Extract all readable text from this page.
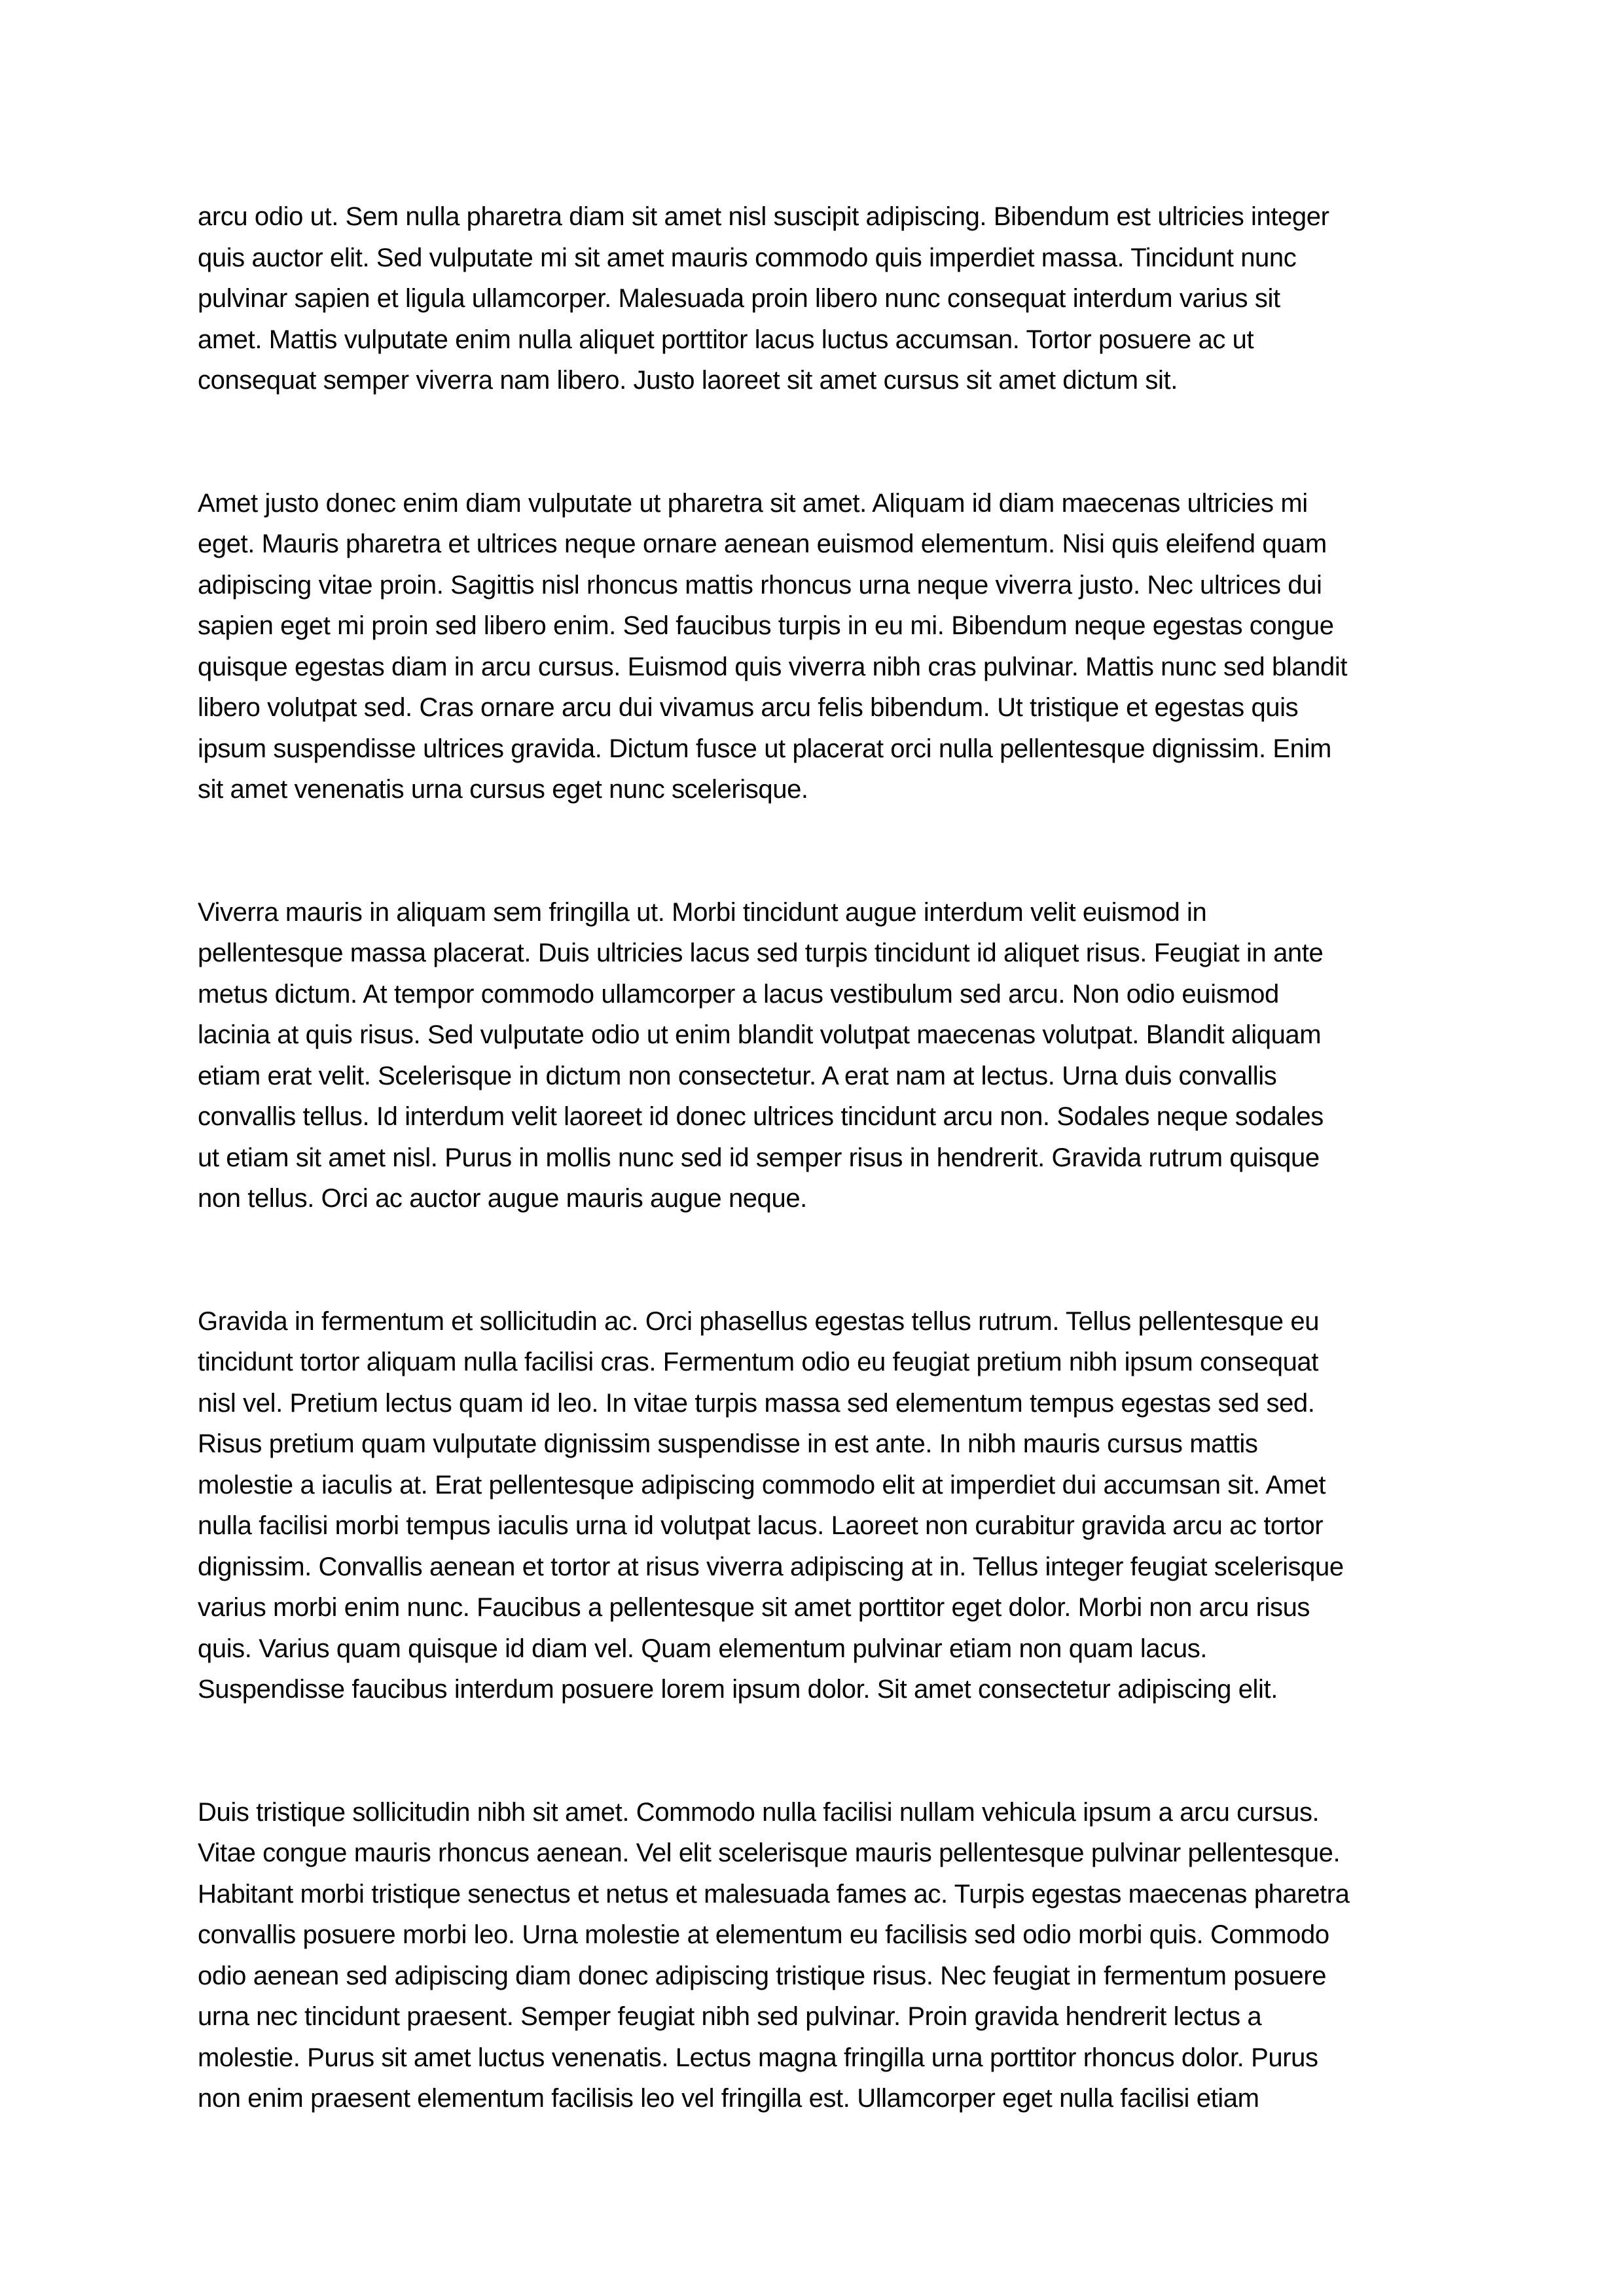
arcu odio ut. Sem nulla pharetra diam sit amet nisl suscipit adipiscing. Bibendum est ultricies integer
quis auctor elit. Sed vulputate mi sit amet mauris commodo quis imperdiet massa. Tincidunt nunc
pulvinar sapien et ligula ullamcorper. Malesuada proin libero nunc consequat interdum varius sit
amet. Mattis vulputate enim nulla aliquet porttitor lacus luctus accumsan. Tortor posuere ac ut
consequat semper viverra nam libero. Justo laoreet sit amet cursus sit amet dictum sit.
Amet justo donec enim diam vulputate ut pharetra sit amet. Aliquam id diam maecenas ultricies mi
eget. Mauris pharetra et ultrices neque ornare aenean euismod elementum. Nisi quis eleifend quam
adipiscing vitae proin. Sagittis nisl rhoncus mattis rhoncus urna neque viverra justo. Nec ultrices dui
sapien eget mi proin sed libero enim. Sed faucibus turpis in eu mi. Bibendum neque egestas congue
quisque egestas diam in arcu cursus. Euismod quis viverra nibh cras pulvinar. Mattis nunc sed blandit
libero volutpat sed. Cras ornare arcu dui vivamus arcu felis bibendum. Ut tristique et egestas quis
ipsum suspendisse ultrices gravida. Dictum fusce ut placerat orci nulla pellentesque dignissim. Enim
sit amet venenatis urna cursus eget nunc scelerisque.
Viverra mauris in aliquam sem fringilla ut. Morbi tincidunt augue interdum velit euismod in
pellentesque massa placerat. Duis ultricies lacus sed turpis tincidunt id aliquet risus. Feugiat in ante
metus dictum. At tempor commodo ullamcorper a lacus vestibulum sed arcu. Non odio euismod
lacinia at quis risus. Sed vulputate odio ut enim blandit volutpat maecenas volutpat. Blandit aliquam
etiam erat velit. Scelerisque in dictum non consectetur. A erat nam at lectus. Urna duis convallis
convallis tellus. Id interdum velit laoreet id donec ultrices tincidunt arcu non. Sodales neque sodales
ut etiam sit amet nisl. Purus in mollis nunc sed id semper risus in hendrerit. Gravida rutrum quisque
non tellus. Orci ac auctor augue mauris augue neque.
Gravida in fermentum et sollicitudin ac. Orci phasellus egestas tellus rutrum. Tellus pellentesque eu
tincidunt tortor aliquam nulla facilisi cras. Fermentum odio eu feugiat pretium nibh ipsum consequat
nisl vel. Pretium lectus quam id leo. In vitae turpis massa sed elementum tempus egestas sed sed.
Risus pretium quam vulputate dignissim suspendisse in est ante. In nibh mauris cursus mattis
molestie a iaculis at. Erat pellentesque adipiscing commodo elit at imperdiet dui accumsan sit. Amet
nulla facilisi morbi tempus iaculis urna id volutpat lacus. Laoreet non curabitur gravida arcu ac tortor
dignissim. Convallis aenean et tortor at risus viverra adipiscing at in. Tellus integer feugiat scelerisque
varius morbi enim nunc. Faucibus a pellentesque sit amet porttitor eget dolor. Morbi non arcu risus
quis. Varius quam quisque id diam vel. Quam elementum pulvinar etiam non quam lacus.
Suspendisse faucibus interdum posuere lorem ipsum dolor. Sit amet consectetur adipiscing elit.
Duis tristique sollicitudin nibh sit amet. Commodo nulla facilisi nullam vehicula ipsum a arcu cursus.
Vitae congue mauris rhoncus aenean. Vel elit scelerisque mauris pellentesque pulvinar pellentesque.
Habitant morbi tristique senectus et netus et malesuada fames ac. Turpis egestas maecenas pharetra
convallis posuere morbi leo. Urna molestie at elementum eu facilisis sed odio morbi quis. Commodo
odio aenean sed adipiscing diam donec adipiscing tristique risus. Nec feugiat in fermentum posuere
urna nec tincidunt praesent. Semper feugiat nibh sed pulvinar. Proin gravida hendrerit lectus a
molestie. Purus sit amet luctus venenatis. Lectus magna fringilla urna porttitor rhoncus dolor. Purus
non enim praesent elementum facilisis leo vel fringilla est. Ullamcorper eget nulla facilisi etiam
